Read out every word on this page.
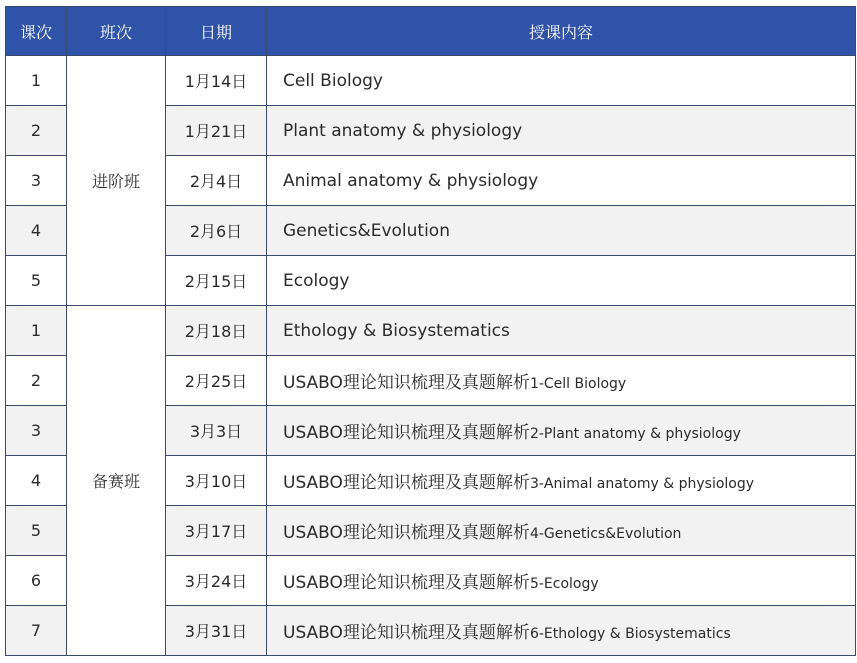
课次	班次	日期	授课内容
1	进阶班	1月14日	Cell Biology
2		1月21日	Plant anatomy & physiology
3		2月4日	Animal anatomy & physiology
4		2月6日	Genetics&Evolution
5		2月15日	Ecology
1	备赛班	2月18日	Ethology & Biosystematics
2		2月25日	USABO理论知识梳理及真题解析1-Cell Biology
3		3月3日	USABO理论知识梳理及真题解析2-Plant anatomy & physiology
4		3月10日	USABO理论知识梳理及真题解析3-Animal anatomy & physiology
5		3月17日	USABO理论知识梳理及真题解析4-Genetics&Evolution
6		3月24日	USABO理论知识梳理及真题解析5-Ecology
7		3月31日	USABO理论知识梳理及真题解析6-Ethology & Biosystematics
